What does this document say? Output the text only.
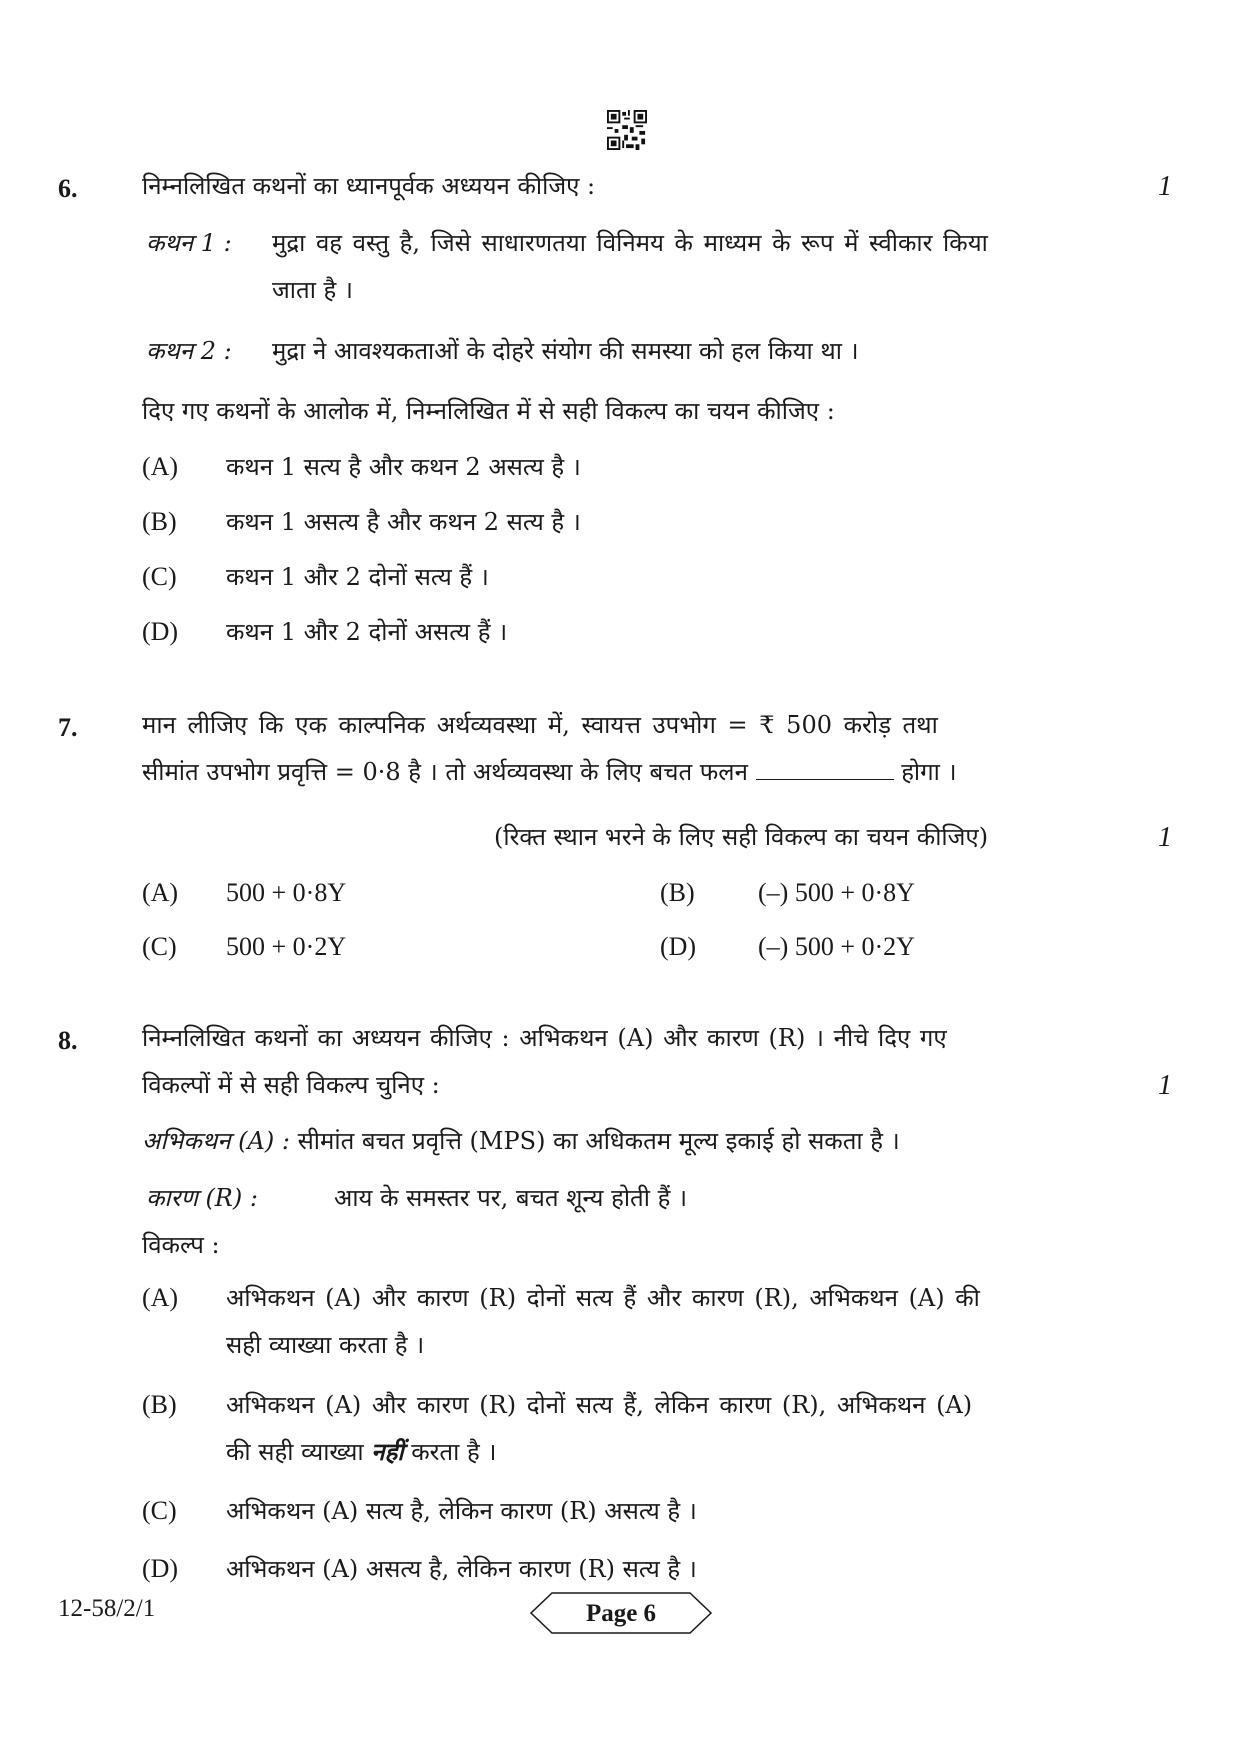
6.	निम्नलिखित कथनों का ध्यानपूर्वक अध्ययन कीजिए :	1
कथन 1 : मुद्रा वह वस्तु है, जिसे साधारणतया विनिमय के माध्यम के रूप में स्वीकार किया
जाता है ।
कथन 2 : मुद्रा ने आवश्यकताओं के दोहरे संयोग की समस्या को हल किया था ।
दिए गए कथनों के आलोक में, निम्नलिखित में से सही विकल्प का चयन कीजिए :
(A) कथन 1 सत्य है और कथन 2 असत्य है ।
(B) कथन 1 असत्य है और कथन 2 सत्य है ।
(C) कथन 1 और 2 दोनों सत्य हैं ।
(D) कथन 1 और 2 दोनों असत्य हैं ।
7.	मान लीजिए कि एक काल्पनिक अर्थव्यवस्था में, स्वायत्त उपभोग = ₹ 500 करोड़ तथा
सीमांत उपभोग प्रवृत्ति = 0·8 है । तो अर्थव्यवस्था के लिए बचत फलन	होगा ।
(रिक्त स्थान भरने के लिए सही विकल्प का चयन कीजिए)	1
(A) 500 + 0·8Y	(B) (–) 500 + 0·8Y
(C) 500 + 0·2Y	(D) (–) 500 + 0·2Y
8.	निम्नलिखित कथनों का अध्ययन कीजिए : अभिकथन (A) और कारण (R) । नीचे दिए गए
विकल्पों में से सही विकल्प चुनिए :	1
अभिकथन (A) : सीमांत बचत प्रवृत्ति (MPS) का अधिकतम मूल्य इकाई हो सकता है ।
कारण (R) :	आय के समस्तर पर, बचत शून्य होती हैं ।
विकल्प :
(A) अभिकथन (A) और कारण (R) दोनों सत्य हैं और कारण (R), अभिकथन (A) की
सही व्याख्या करता है ।
(B) अभिकथन (A) और कारण (R) दोनों सत्य हैं, लेकिन कारण (R), अभिकथन (A)
की सही व्याख्या नहीं करता है ।
(C) अभिकथन (A) सत्य है, लेकिन कारण (R) असत्य है ।
(D) अभिकथन (A) असत्य है, लेकिन कारण (R) सत्य है ।
12-58/2/1	Page 6
